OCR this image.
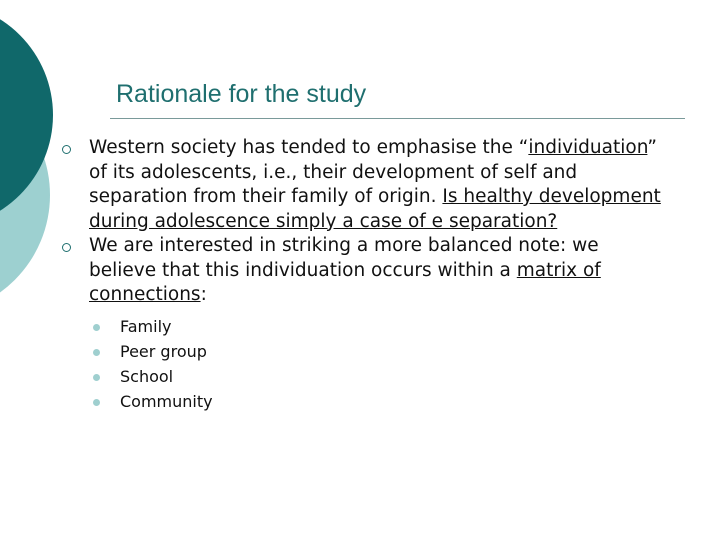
Rationale for the study
Western society has tended to emphasise the “individuation” of its adolescents, i.e., their development of self and separation from their family of origin. Is healthy development during adolescence simply a case of e separation?
We are interested in striking a more balanced note: we believe that this individuation occurs within a matrix of connections:
Family
Peer group
School
Community
